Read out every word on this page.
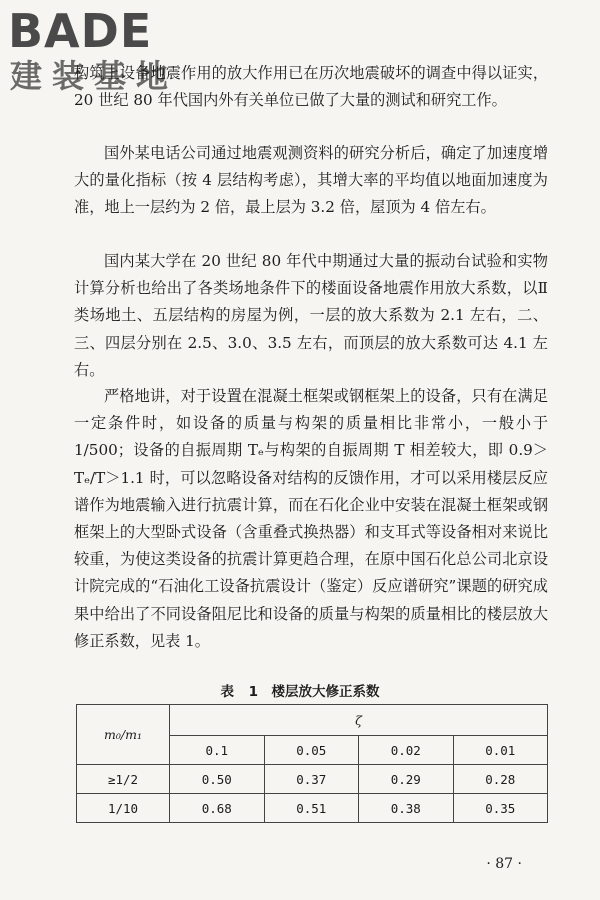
BADE
建装基地

构筑上设备地震作用的放大作用已在历次地震破坏的调查中得以证实，20 世纪 80 年代国内外有关单位已做了大量的测试和研究工作。

国外某电话公司通过地震观测资料的研究分析后，确定了加速度增大的量化指标（按 4 层结构考虑），其增大率的平均值以地面加速度为准，地上一层约为 2 倍，最上层为 3.2 倍，屋顶为 4 倍左右。

国内某大学在 20 世纪 80 年代中期通过大量的振动台试验和实物计算分析也给出了各类场地条件下的楼面设备地震作用放大系数，以Ⅱ类场地土、五层结构的房屋为例，一层的放大系数为 2.1 左右，二、三、四层分别在 2.5、3.0、3.5 左右，而顶层的放大系数可达 4.1 左右。

严格地讲，对于设置在混凝土框架或钢框架上的设备，只有在满足一定条件时，如设备的质量与构架的质量相比非常小，一般小于 1/500；设备的自振周期 Tₑ与构架的自振周期 T 相差较大，即 0.9＞Tₑ/T＞1.1 时，可以忽略设备对结构的反馈作用，才可以采用楼层反应谱作为地震输入进行抗震计算，而在石化企业中安装在混凝土框架或钢框架上的大型卧式设备（含重叠式换热器）和支耳式等设备相对来说比较重，为使这类设备的抗震计算更趋合理，在原中国石化总公司北京设计院完成的“石油化工设备抗震设计（鉴定）反应谱研究”课题的研究成果中给出了不同设备阻尼比和设备的质量与构架的质量相比的楼层放大修正系数，见表 1。

表 1　楼层放大修正系数
m₀/m₁	ζ			
	0.1	0.05	0.02	0.01
≥1/2	0.50	0.37	0.29	0.28
1/10	0.68	0.51	0.38	0.35
· 87 ·
